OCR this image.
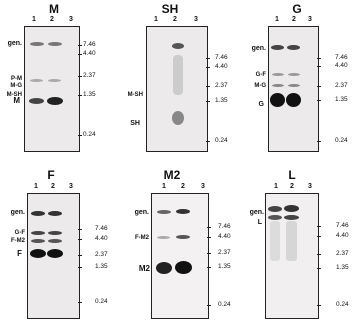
M
1	2	3
gen.
P-M
M-G
M-SH
M
7.46
4.40
2.37
1.35
0.24
SH
1	2	3
M-SH
SH
7.46
4.40
2.37
1.35
0.24
G
1	2	3
gen.
G-F
M-G
G
7.46
4.40
2.37
1.35
0.24
F
1	2	3
gen.
G-F
F-M2
F
7.46
4.40
2.37
1.35
0.24
M2
1	2	3
gen.
F-M2
M2
7.46
4.40
2.37
1.35
0.24
L
1	2	3
gen.
L	7.46
4.40
2.37
1.35
0.24
